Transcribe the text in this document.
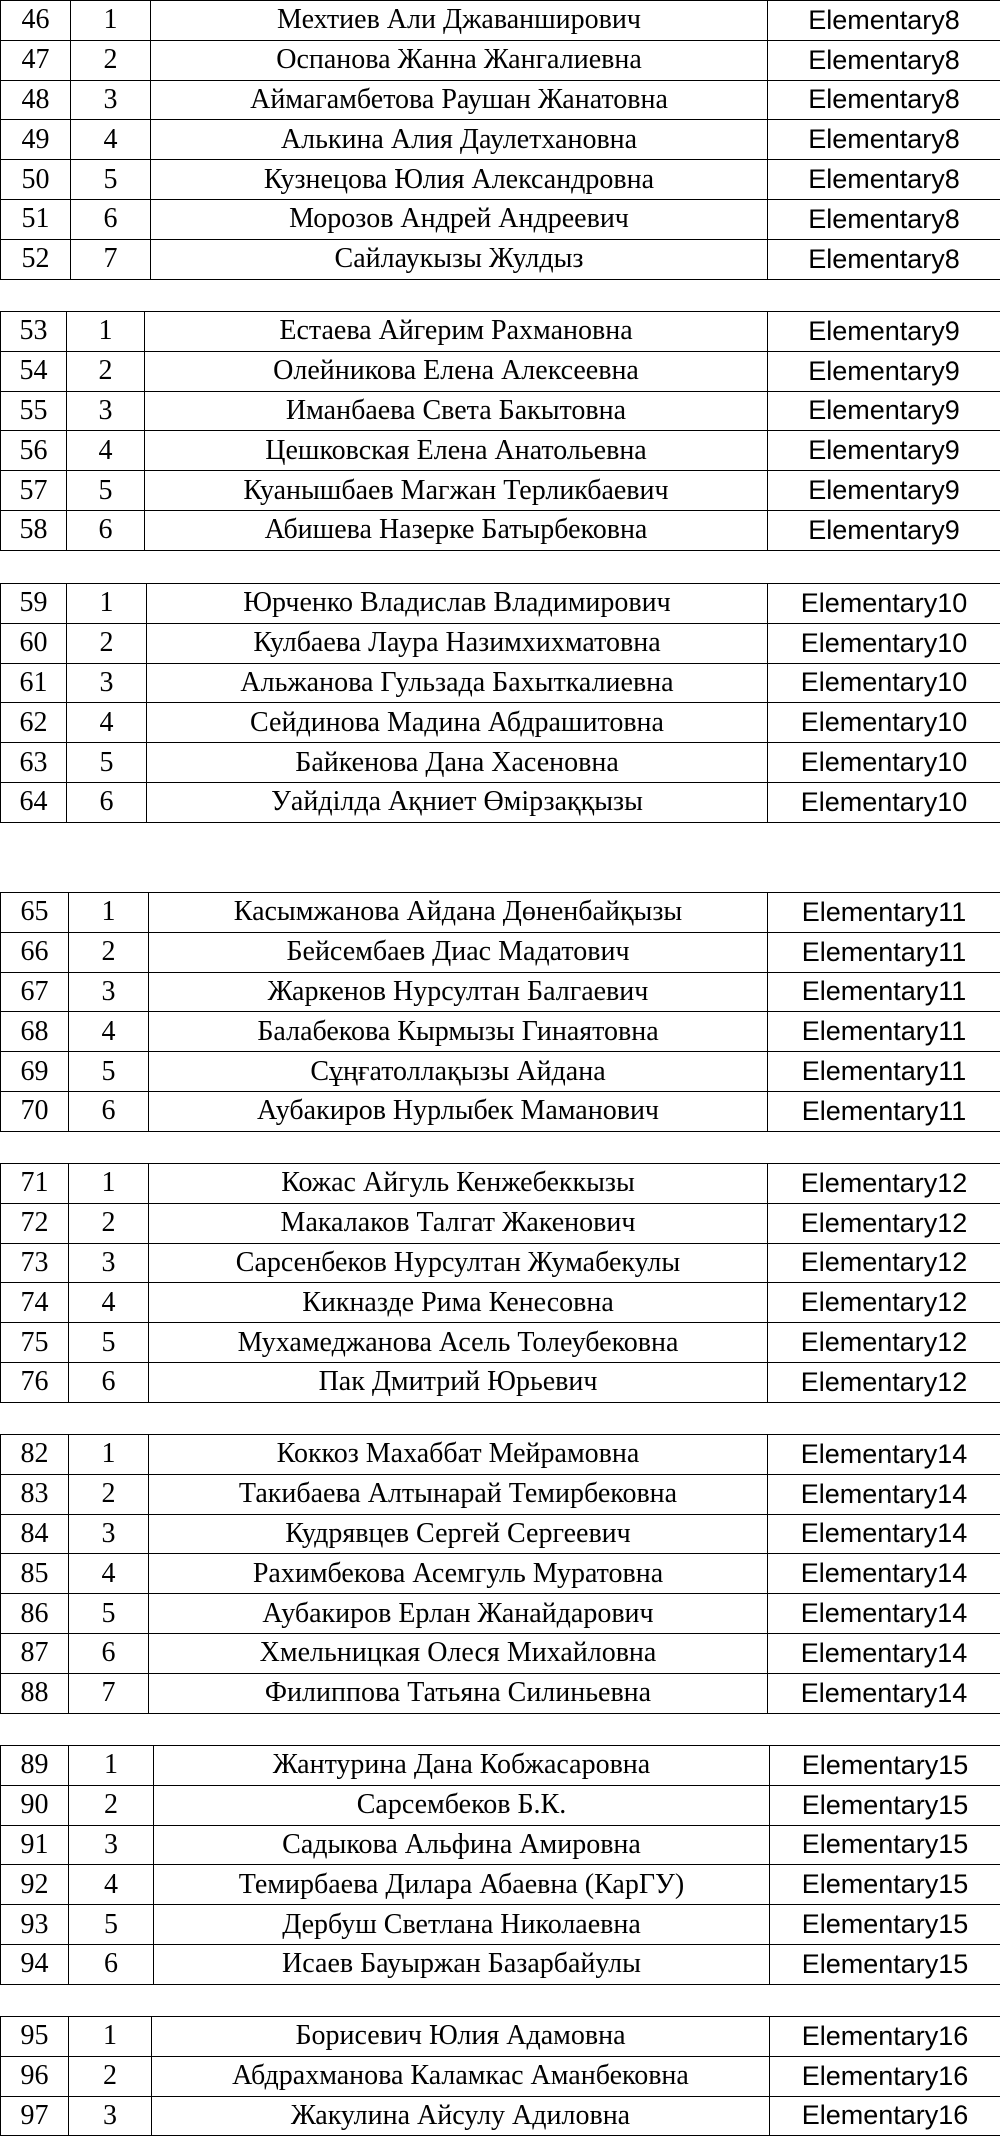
46	1	Мехтиев Али Джаваншир​ович	Elementary8
47	2	Оспанова Жанна Жангалиевна	Elementary8
48	3	Аймагамбетова Раушан Жанатовна	Elementary8
49	4	Алькина Алия Даулетхановна	Elementary8
50	5	Кузнецова Юлия Александровна	Elementary8
51	6	Морозов Андрей Андреевич	Elementary8
52	7	Сайлаукызы Жулдыз	Elementary8
53	1	Естаева Айгерим Рахмановна	Elementary9
54	2	Олейникова Елена Алексеевна	Elementary9
55	3	Иманбаева Света Бакытовна	Elementary9
56	4	Цешковская Елена Анатольевна	Elementary9
57	5	Куанышбаев Магжан Терликбаевич	Elementary9
58	6	Абишева Назерке Батырбековна	Elementary9
59	1	Юрченко Владислав Владимирович	Elementary10
60	2	Кулбаева Лаура Назимхихматовна	Elementary10
61	3	Альжанова Гульзада Бахыткалиевна	Elementary10
62	4	Сейдинова Мадина Абдрашитовна	Elementary10
63	5	Байкенова Дана Хасеновна	Elementary10
64	6	Уайділда Ақниет Өмірзаққызы	Elementary10
65	1	Касымжанова Айдана Дөненбайқызы	Elementary11
66	2	Бейсембаев Диас Мадатович	Elementary11
67	3	Жаркенов Нурсултан Балгаевич	Elementary11
68	4	Балабекова Кырмызы Гинаятовна	Elementary11
69	5	Сұңғатоллақызы Айдана	Elementary11
70	6	Аубакиров Нурлыбек Маманович	Elementary11
71	1	Кожас Айгуль Кенжебеккызы	Elementary12
72	2	Макалаков Талгат Жакенович	Elementary12
73	3	Сарсенбеков Нурсултан Жумабекулы	Elementary12
74	4	Кикназде Рима Кенесовна	Elementary12
75	5	Мухамеджанова Асель Толеубековна	Elementary12
76	6	Пак Дмитрий Юрьевич	Elementary12
82	1	Коккоз Махаббат Мейрамовна	Elementary14
83	2	Такибаева Алтынарай Темирбековна	Elementary14
84	3	Кудрявцев Сергей Сергеевич	Elementary14
85	4	Рахимбекова Асемгуль Муратовна	Elementary14
86	5	Аубакиров Ерлан Жанайдарович	Elementary14
87	6	Хмельницкая Олеся Михайловна	Elementary14
88	7	Филиппова Татьяна Силиньевна	Elementary14
89	1	Жантурина Дана Кобжасаровна	Elementary15
90	2	Сарсембеков Б.К.	Elementary15
91	3	Садыкова Альфина Амировна	Elementary15
92	4	Темирбаева Дилара Абаевна (КарГУ)	Elementary15
93	5	Дербуш Светлана Николаевна	Elementary15
94	6	Исаев Бауыржан Базарбайулы	Elementary15
95	1	Борисевич Юлия Адамовна	Elementary16
96	2	Абдрахманова Каламкас Аманбековна	Elementary16
97	3	Жакулина Айсулу Адиловна	Elementary16
